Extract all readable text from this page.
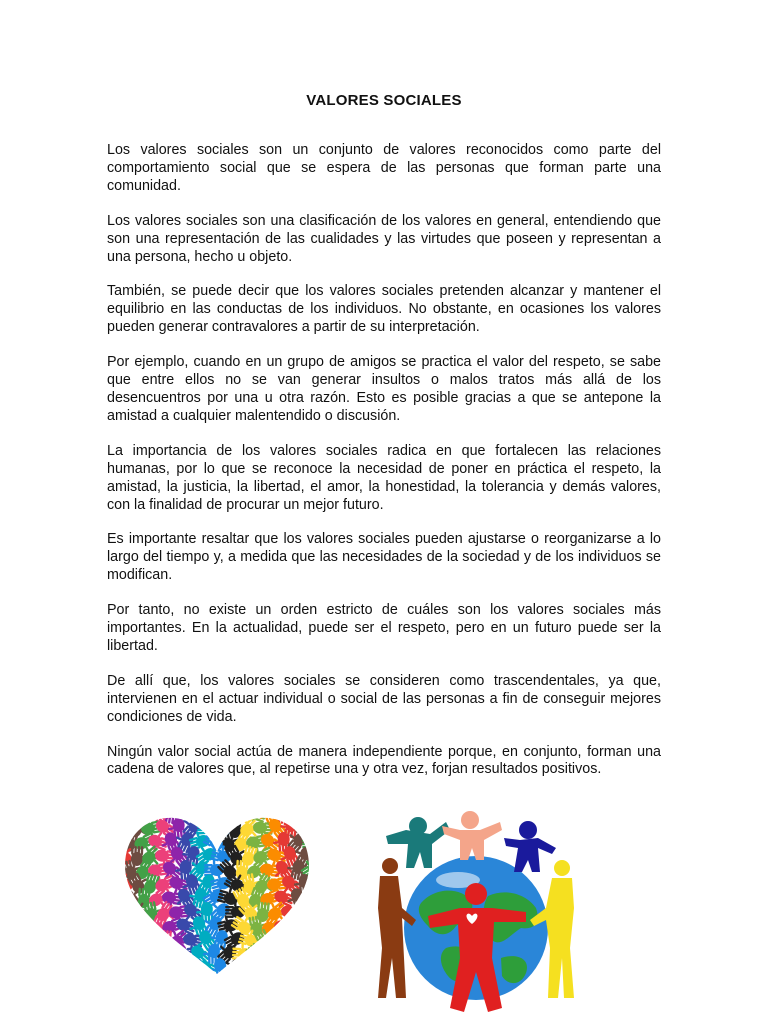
VALORES SOCIALES

Los valores sociales son un conjunto de valores reconocidos como parte del comportamiento social que se espera de las personas que forman parte una comunidad.

Los valores sociales son una clasificación de los valores en general, entendiendo que son una representación de las cualidades y las virtudes que poseen y representan a una persona, hecho u objeto.

También, se puede decir que los valores sociales pretenden alcanzar y mantener el equilibrio en las conductas de los individuos. No obstante, en ocasiones los valores pueden generar contravalores a partir de su interpretación.

Por ejemplo, cuando en un grupo de amigos se practica el valor del respeto, se sabe que entre ellos no se van generar insultos o malos tratos más allá de los desencuentros por una u otra razón. Esto es posible gracias a que se antepone la amistad a cualquier malentendido o discusión.

La importancia de los valores sociales radica en que fortalecen las relaciones humanas, por lo que se reconoce la necesidad de poner en práctica el respeto, la amistad, la justicia, la libertad, el amor, la honestidad, la tolerancia y demás valores, con la finalidad de procurar un mejor futuro.

Es importante resaltar que los valores sociales pueden ajustarse o reorganizarse a lo largo del tiempo y, a medida que las necesidades de la sociedad y de los individuos se modifican.

Por tanto, no existe un orden estricto de cuáles son los valores sociales más importantes. En la actualidad, puede ser el respeto, pero en un futuro puede ser la libertad.

De allí que, los valores sociales se consideren como trascendentales, ya que, intervienen en el actuar individual o social de las personas a fin de conseguir mejores condiciones de vida.

Ningún valor social actúa de manera independiente porque, en conjunto, forman una cadena de valores que, al repetirse una y otra vez, forjan resultados positivos.
